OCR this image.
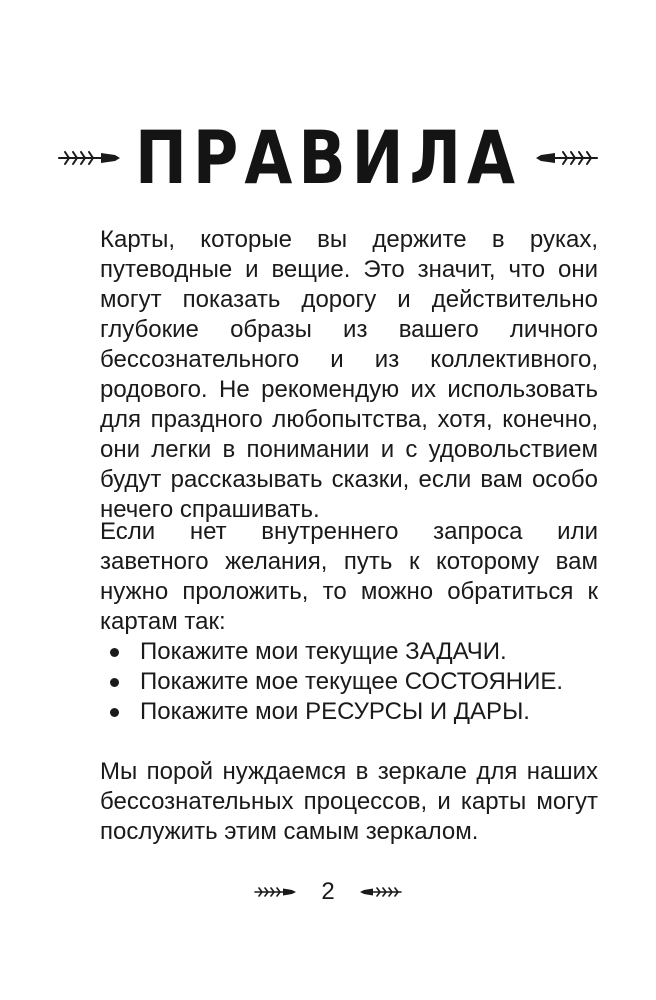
ПРАВИЛА

Карты, которые вы держите в руках, путеводные и вещие. Это значит, что они могут показать дорогу и действительно глубокие образы из вашего личного бессознательного и из коллективного, родового. Не рекомендую их использовать для праздного любопытства, хотя, конечно, они легки в понимании и с удовольствием будут рассказывать сказки, если вам особо нечего спрашивать.

Если нет внутреннего запроса или заветного желания, путь к которому вам нужно проложить, то можно обратиться к картам так:

Покажите мои текущие ЗАДАЧИ.
Покажите мое текущее СОСТОЯНИЕ.
Покажите мои РЕСУРСЫ И ДАРЫ.

Мы порой нуждаемся в зеркале для наших бессознательных процессов, и карты могут послужить этим самым зеркалом.

2
